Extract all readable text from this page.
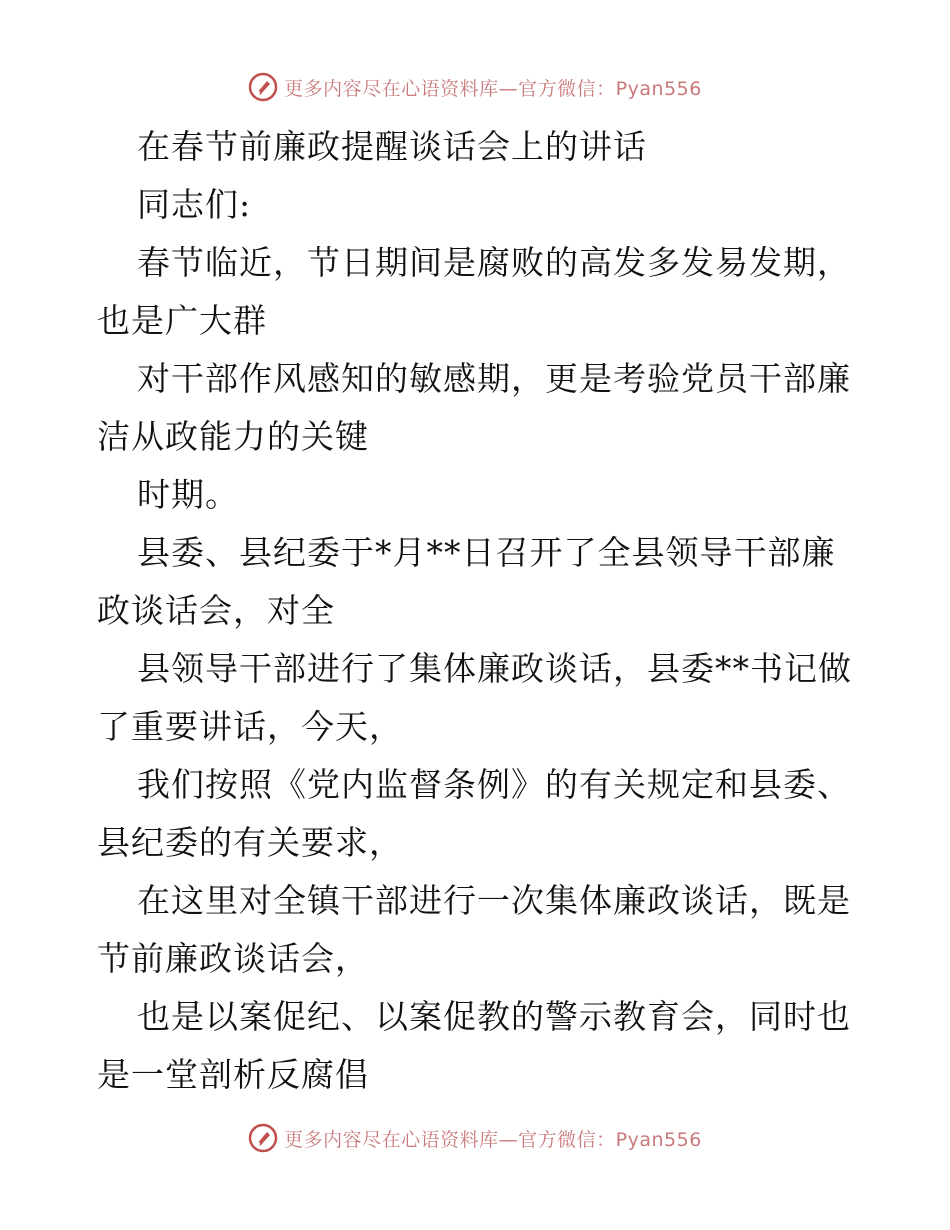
更多内容尽在心语资料库—官方微信：Pyan556
在春节前廉政提醒谈话会上的讲话
同志们:
春节临近，节日期间是腐败的高发多发易发期，
也是广大群
对干部作风感知的敏感期，更是考验党员干部廉
洁从政能力的关键
时期。
县委、县纪委于*月**日召开了全县领导干部廉
政谈话会，对全
县领导干部进行了集体廉政谈话，县委**书记做
了重要讲话，今天，
我们按照《党内监督条例》的有关规定和县委、
县纪委的有关要求，
在这里对全镇干部进行一次集体廉政谈话，既是
节前廉政谈话会，
也是以案促纪、以案促教的警示教育会，同时也
是一堂剖析反腐倡
更多内容尽在心语资料库—官方微信：Pyan556
